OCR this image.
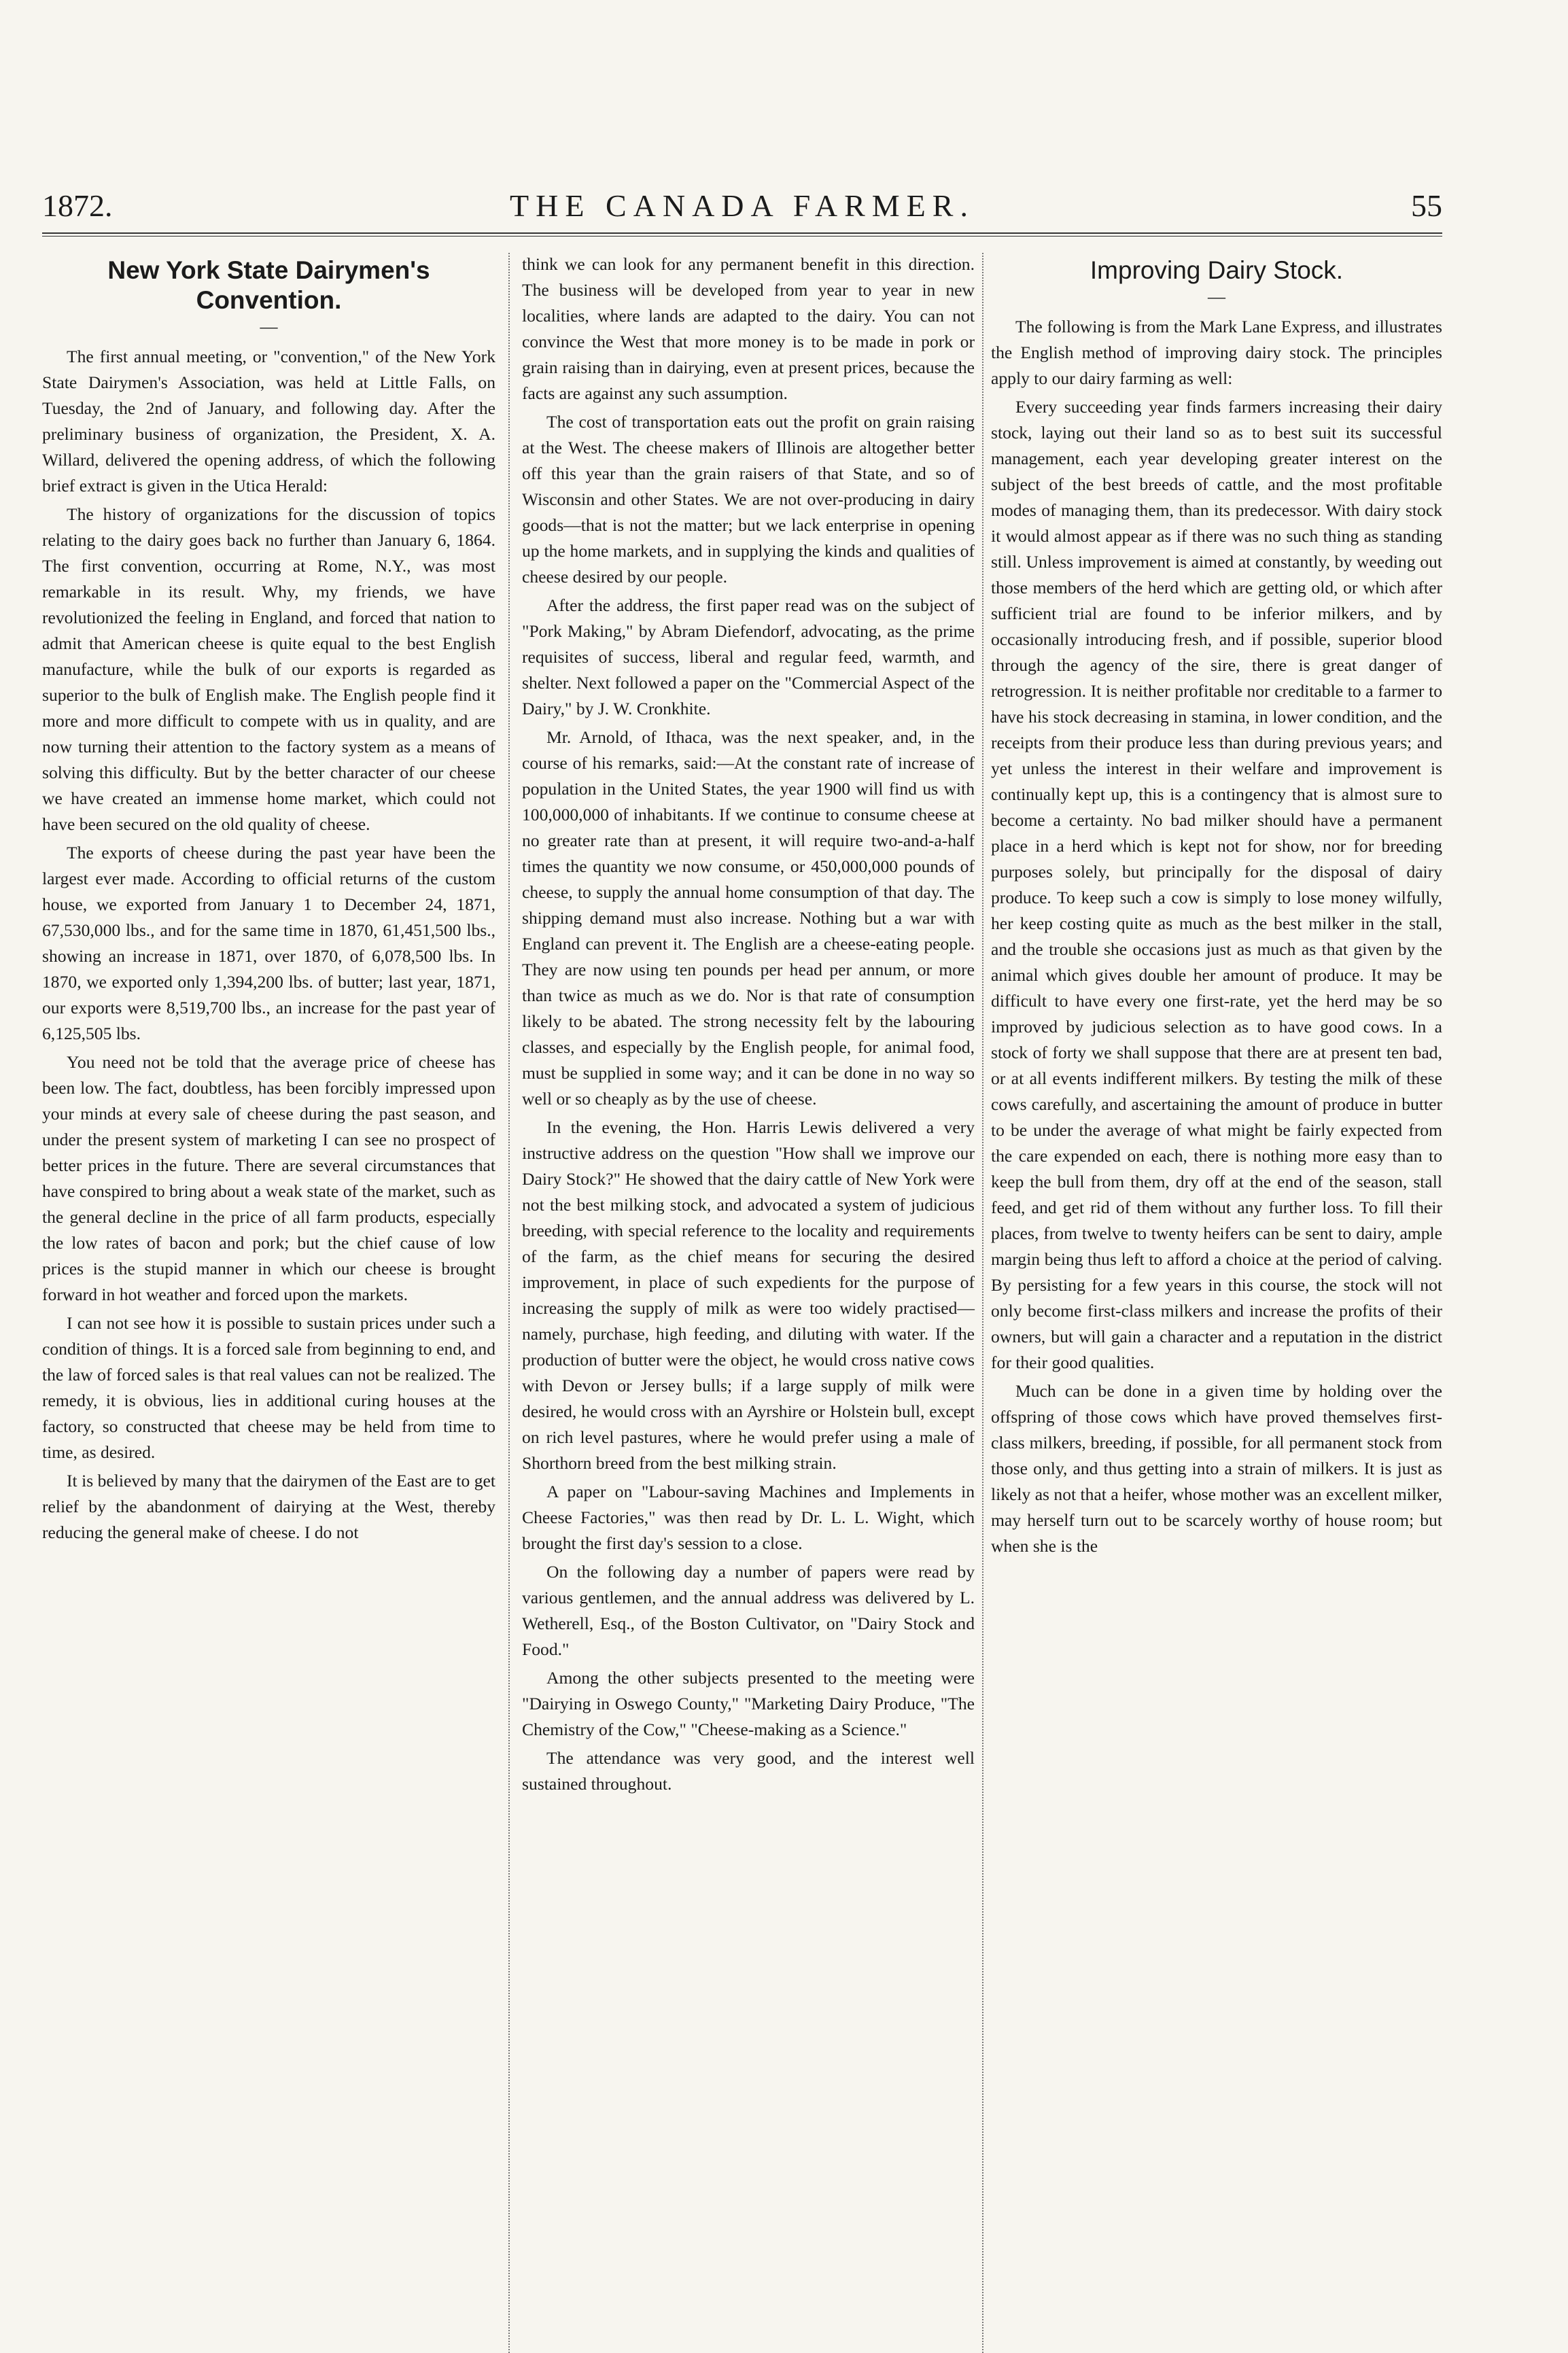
1872.	THE CANADA FARMER.	55
New York State Dairymen's Convention.
—

The first annual meeting, or "convention," of the New York State Dairymen's Association, was held at Little Falls, on Tuesday, the 2nd of January, and following day. After the preliminary business of organization, the President, X. A. Willard, delivered the opening address, of which the following brief extract is given in the Utica Herald:

The history of organizations for the discussion of topics relating to the dairy goes back no further than January 6, 1864. The first convention, occurring at Rome, N.Y., was most remarkable in its result. Why, my friends, we have revolutionized the feeling in England, and forced that nation to admit that American cheese is quite equal to the best English manufacture, while the bulk of our exports is regarded as superior to the bulk of English make. The English people find it more and more difficult to compete with us in quality, and are now turning their attention to the factory system as a means of solving this difficulty. But by the better character of our cheese we have created an immense home market, which could not have been secured on the old quality of cheese.

The exports of cheese during the past year have been the largest ever made. According to official returns of the custom house, we exported from January 1 to December 24, 1871, 67,530,000 lbs., and for the same time in 1870, 61,451,500 lbs., showing an increase in 1871, over 1870, of 6,078,500 lbs. In 1870, we exported only 1,394,200 lbs. of butter; last year, 1871, our exports were 8,519,700 lbs., an increase for the past year of 6,125,505 lbs.

You need not be told that the average price of cheese has been low. The fact, doubtless, has been forcibly impressed upon your minds at every sale of cheese during the past season, and under the present system of marketing I can see no prospect of better prices in the future. There are several circumstances that have conspired to bring about a weak state of the market, such as the general decline in the price of all farm products, especially the low rates of bacon and pork; but the chief cause of low prices is the stupid manner in which our cheese is brought forward in hot weather and forced upon the markets.

I can not see how it is possible to sustain prices under such a condition of things. It is a forced sale from beginning to end, and the law of forced sales is that real values can not be realized. The remedy, it is obvious, lies in additional curing houses at the factory, so constructed that cheese may be held from time to time, as desired.

It is believed by many that the dairymen of the East are to get relief by the abandonment of dairying at the West, thereby reducing the general make of cheese. I do not

think we can look for any permanent benefit in this direction. The business will be developed from year to year in new localities, where lands are adapted to the dairy. You can not convince the West that more money is to be made in pork or grain raising than in dairying, even at present prices, because the facts are against any such assumption.

The cost of transportation eats out the profit on grain raising at the West. The cheese makers of Illinois are altogether better off this year than the grain raisers of that State, and so of Wisconsin and other States. We are not over-producing in dairy goods—that is not the matter; but we lack enterprise in opening up the home markets, and in supplying the kinds and qualities of cheese desired by our people.

After the address, the first paper read was on the subject of "Pork Making," by Abram Diefendorf, advocating, as the prime requisites of success, liberal and regular feed, warmth, and shelter. Next followed a paper on the "Commercial Aspect of the Dairy," by J. W. Cronkhite.

Mr. Arnold, of Ithaca, was the next speaker, and, in the course of his remarks, said:—At the constant rate of increase of population in the United States, the year 1900 will find us with 100,000,000 of inhabitants. If we continue to consume cheese at no greater rate than at present, it will require two-and-a-half times the quantity we now consume, or 450,000,000 pounds of cheese, to supply the annual home consumption of that day. The shipping demand must also increase. Nothing but a war with England can prevent it. The English are a cheese-eating people. They are now using ten pounds per head per annum, or more than twice as much as we do. Nor is that rate of consumption likely to be abated. The strong necessity felt by the labouring classes, and especially by the English people, for animal food, must be supplied in some way; and it can be done in no way so well or so cheaply as by the use of cheese.

In the evening, the Hon. Harris Lewis delivered a very instructive address on the question "How shall we improve our Dairy Stock?" He showed that the dairy cattle of New York were not the best milking stock, and advocated a system of judicious breeding, with special reference to the locality and requirements of the farm, as the chief means for securing the desired improvement, in place of such expedients for the purpose of increasing the supply of milk as were too widely practised—namely, purchase, high feeding, and diluting with water. If the production of butter were the object, he would cross native cows with Devon or Jersey bulls; if a large supply of milk were desired, he would cross with an Ayrshire or Holstein bull, except on rich level pastures, where he would prefer using a male of Shorthorn breed from the best milking strain.

A paper on "Labour-saving Machines and Implements in Cheese Factories," was then read by Dr. L. L. Wight, which brought the first day's session to a close.

On the following day a number of papers were read by various gentlemen, and the annual address was delivered by L. Wetherell, Esq., of the Boston Cultivator, on "Dairy Stock and Food."

Among the other subjects presented to the meeting were "Dairying in Oswego County," "Marketing Dairy Produce, "The Chemistry of the Cow," "Cheese-making as a Science."

The attendance was very good, and the interest well sustained throughout.

Improving Dairy Stock.
—

The following is from the Mark Lane Express, and illustrates the English method of improving dairy stock. The principles apply to our dairy farming as well:

Every succeeding year finds farmers increasing their dairy stock, laying out their land so as to best suit its successful management, each year developing greater interest on the subject of the best breeds of cattle, and the most profitable modes of managing them, than its predecessor. With dairy stock it would almost appear as if there was no such thing as standing still. Unless improvement is aimed at constantly, by weeding out those members of the herd which are getting old, or which after sufficient trial are found to be inferior milkers, and by occasionally introducing fresh, and if possible, superior blood through the agency of the sire, there is great danger of retrogression. It is neither profitable nor creditable to a farmer to have his stock decreasing in stamina, in lower condition, and the receipts from their produce less than during previous years; and yet unless the interest in their welfare and improvement is continually kept up, this is a contingency that is almost sure to become a certainty. No bad milker should have a permanent place in a herd which is kept not for show, nor for breeding purposes solely, but principally for the disposal of dairy produce. To keep such a cow is simply to lose money wilfully, her keep costing quite as much as the best milker in the stall, and the trouble she occasions just as much as that given by the animal which gives double her amount of produce. It may be difficult to have every one first-rate, yet the herd may be so improved by judicious selection as to have good cows. In a stock of forty we shall suppose that there are at present ten bad, or at all events indifferent milkers. By testing the milk of these cows carefully, and ascertaining the amount of produce in butter to be under the average of what might be fairly expected from the care expended on each, there is nothing more easy than to keep the bull from them, dry off at the end of the season, stall feed, and get rid of them without any further loss. To fill their places, from twelve to twenty heifers can be sent to dairy, ample margin being thus left to afford a choice at the period of calving. By persisting for a few years in this course, the stock will not only become first-class milkers and increase the profits of their owners, but will gain a character and a reputation in the district for their good qualities.

Much can be done in a given time by holding over the offspring of those cows which have proved themselves first-class milkers, breeding, if possible, for all permanent stock from those only, and thus getting into a strain of milkers. It is just as likely as not that a heifer, whose mother was an excellent milker, may herself turn out to be scarcely worthy of house room; but when she is the
